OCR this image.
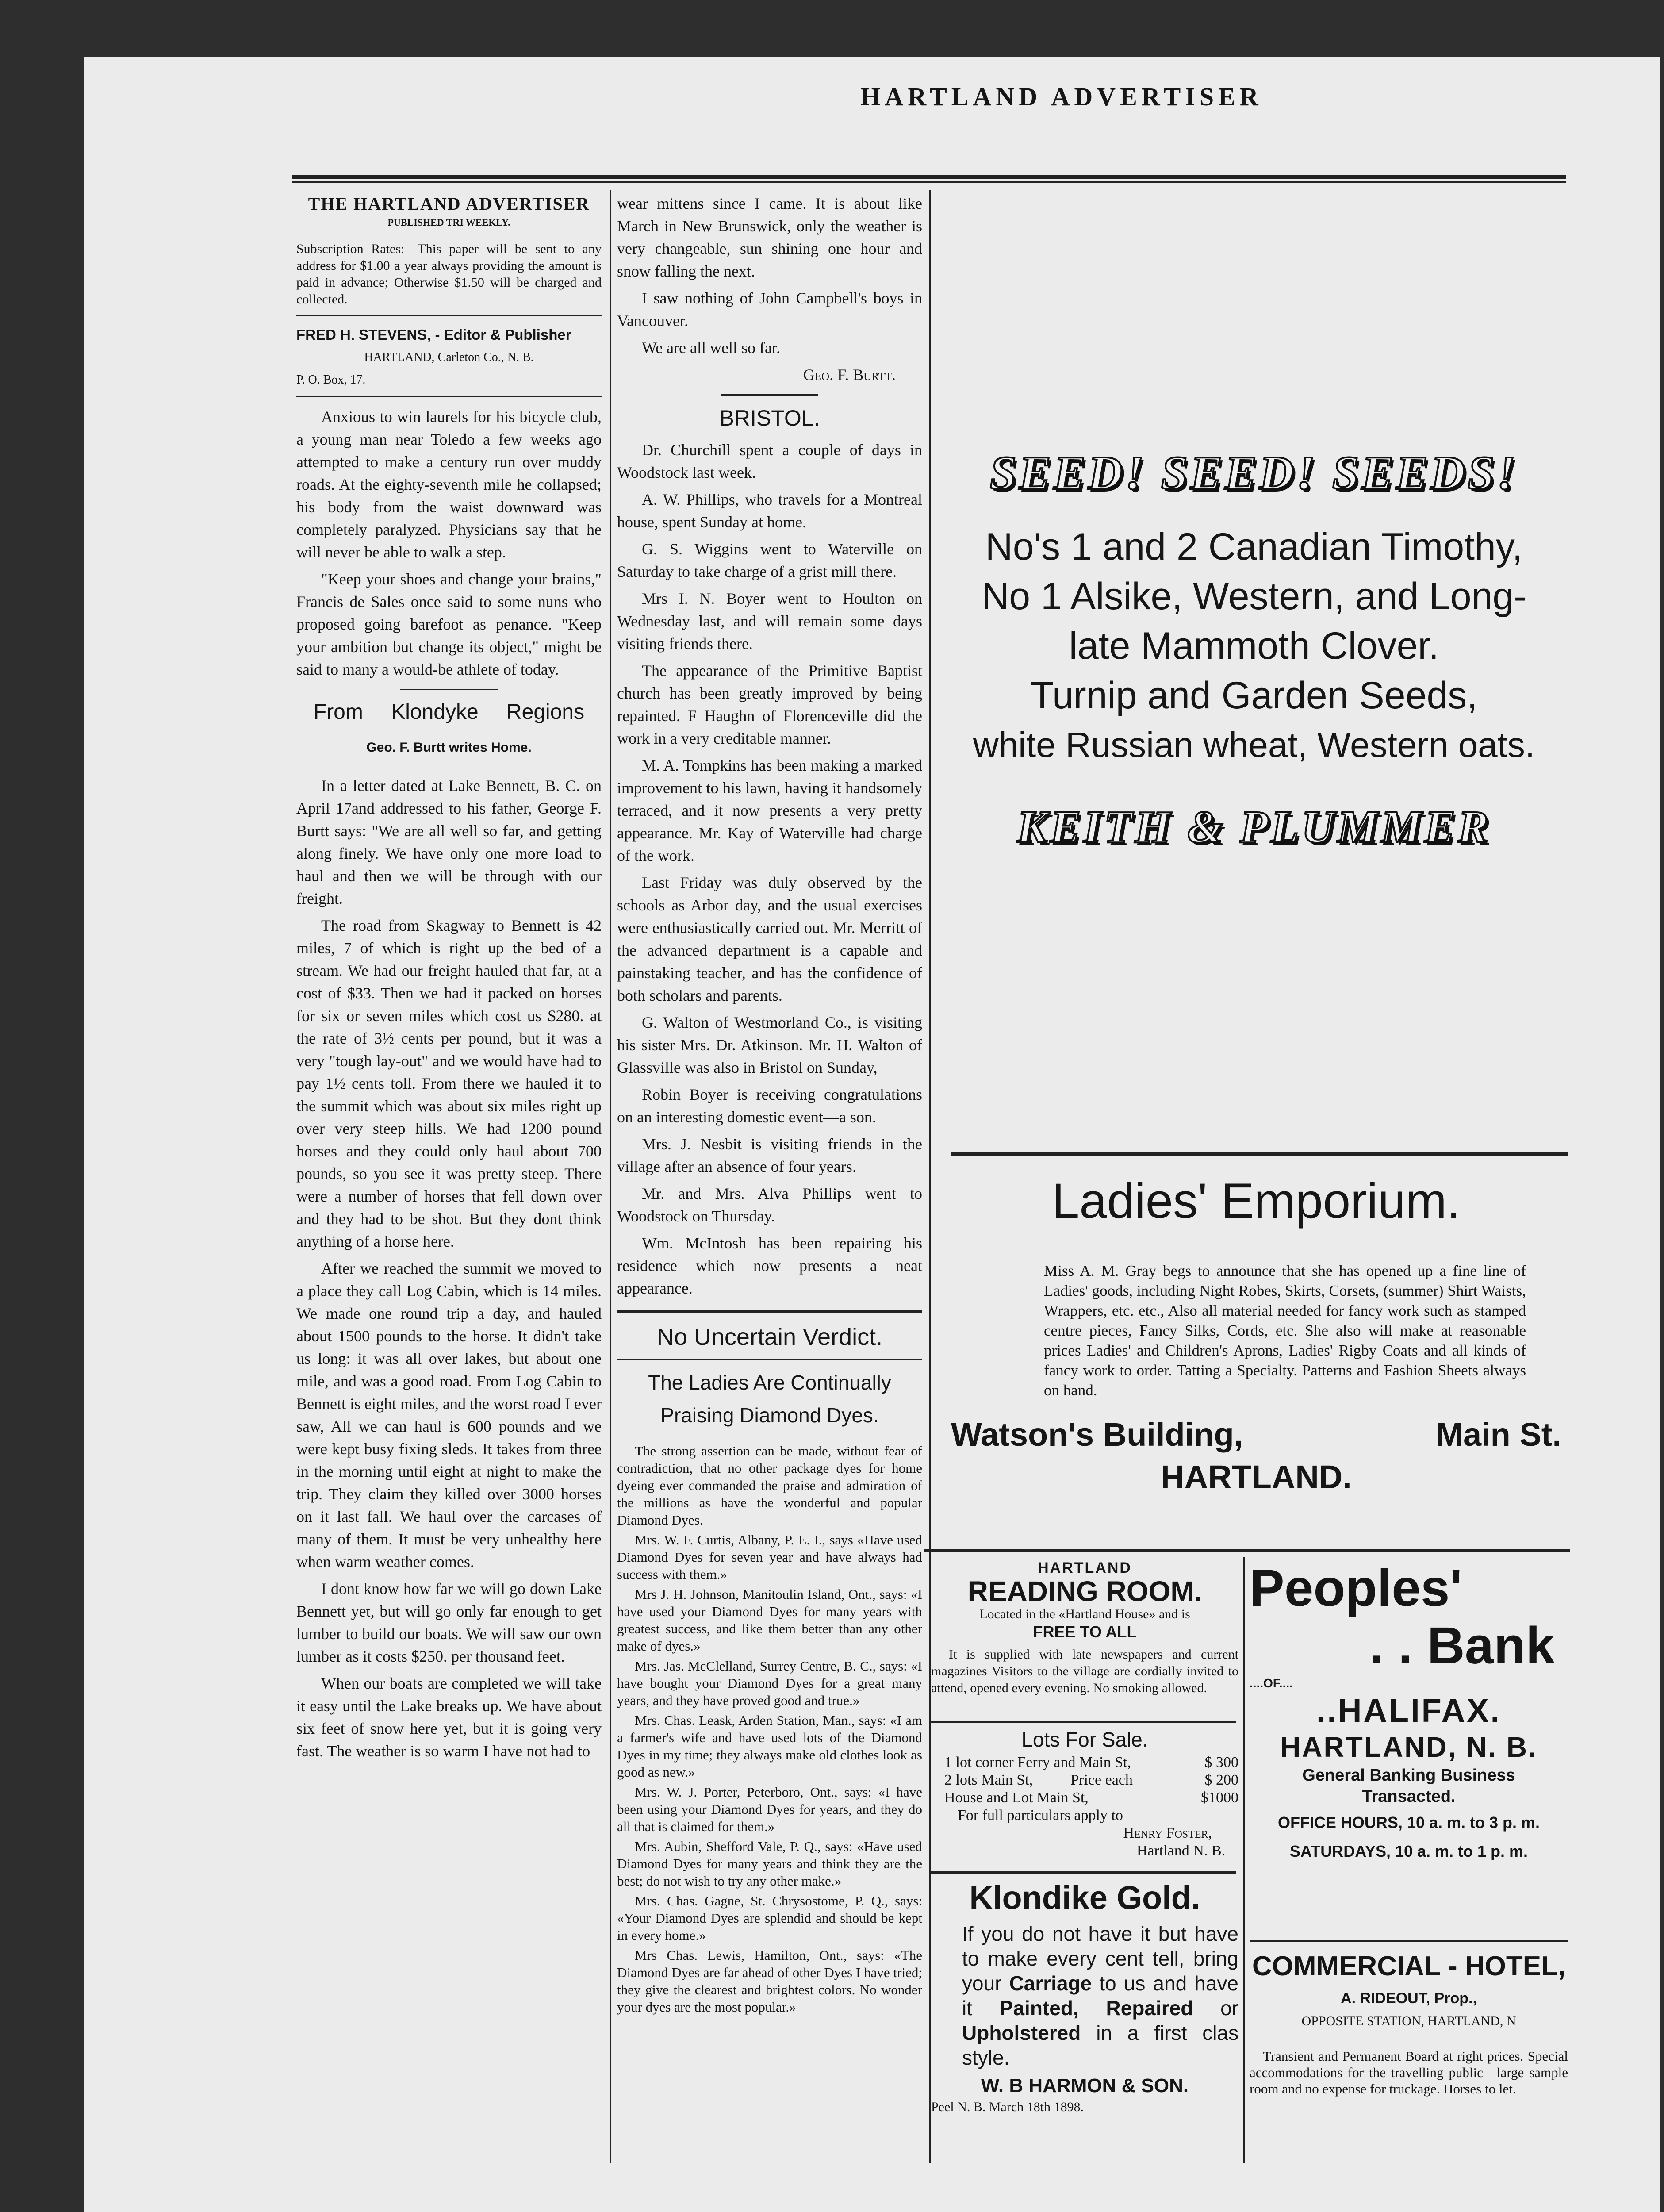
HARTLAND ADVERTISER
THE HARTLAND ADVERTISER
PUBLISHED TRI WEEKLY.

Subscription Rates:—This paper will be sent to any address for $1.00 a year always providing the amount is paid in advance; Otherwise $1.50 will be charged and collected.

FRED H. STEVENS, - Editor & Publisher
HARTLAND, Carleton Co., N. B.
P. O. Box, 17.

Anxious to win laurels for his bicycle club, a young man near Toledo a few weeks ago attempted to make a century run over muddy roads. At the eighty-seventh mile he collapsed; his body from the waist downward was completely paralyzed. Physicians say that he will never be able to walk a step.

"Keep your shoes and change your brains," Francis de Sales once said to some nuns who proposed going barefoot as penance. "Keep your ambition but change its object," might be said to many a would-be athlete of today.

From Klondyke Regions
Geo. F. Burtt writes Home.

In a letter dated at Lake Bennett, B. C. on April 17and addressed to his father, George F. Burtt says: "We are all well so far, and getting along finely. We have only one more load to haul and then we will be through with our freight.

The road from Skagway to Bennett is 42 miles, 7 of which is right up the bed of a stream. We had our freight hauled that far, at a cost of $33. Then we had it packed on horses for six or seven miles which cost us $280. at the rate of 3½ cents per pound, but it was a very "tough lay-out" and we would have had to pay 1½ cents toll. From there we hauled it to the summit which was about six miles right up over very steep hills. We had 1200 pound horses and they could only haul about 700 pounds, so you see it was pretty steep. There were a number of horses that fell down over and they had to be shot. But they dont think anything of a horse here.

After we reached the summit we moved to a place they call Log Cabin, which is 14 miles. We made one round trip a day, and hauled about 1500 pounds to the horse. It didn't take us long: it was all over lakes, but about one mile, and was a good road. From Log Cabin to Bennett is eight miles, and the worst road I ever saw, All we can haul is 600 pounds and we were kept busy fixing sleds. It takes from three in the morning until eight at night to make the trip. They claim they killed over 3000 horses on it last fall. We haul over the carcases of many of them. It must be very unhealthy here when warm weather comes.

I dont know how far we will go down Lake Bennett yet, but will go only far enough to get lumber to build our boats. We will saw our own lumber as it costs $250. per thousand feet.

When our boats are completed we will take it easy until the Lake breaks up. We have about six feet of snow here yet, but it is going very fast. The weather is so warm I have not had to

wear mittens since I came. It is about like March in New Brunswick, only the weather is very changeable, sun shining one hour and snow falling the next.

I saw nothing of John Campbell's boys in Vancouver.

We are all well so far.

Geo. F. Burtt.
BRISTOL.

Dr. Churchill spent a couple of days in Woodstock last week.

A. W. Phillips, who travels for a Montreal house, spent Sunday at home.

G. S. Wiggins went to Waterville on Saturday to take charge of a grist mill there.

Mrs I. N. Boyer went to Houlton on Wednesday last, and will remain some days visiting friends there.

The appearance of the Primitive Baptist church has been greatly improved by being repainted. F Haughn of Florenceville did the work in a very creditable manner.

M. A. Tompkins has been making a marked improvement to his lawn, having it handsomely terraced, and it now presents a very pretty appearance. Mr. Kay of Waterville had charge of the work.

Last Friday was duly observed by the schools as Arbor day, and the usual exercises were enthusiastically carried out. Mr. Merritt of the advanced department is a capable and painstaking teacher, and has the confidence of both scholars and parents.

G. Walton of Westmorland Co., is visiting his sister Mrs. Dr. Atkinson. Mr. H. Walton of Glassville was also in Bristol on Sunday,

Robin Boyer is receiving congratulations on an interesting domestic event—a son.

Mrs. J. Nesbit is visiting friends in the village after an absence of four years.

Mr. and Mrs. Alva Phillips went to Woodstock on Thursday.

Wm. McIntosh has been repairing his residence which now presents a neat appearance.

No Uncertain Verdict.
The Ladies Are Continually Praising Diamond Dyes.

The strong assertion can be made, without fear of contradiction, that no other package dyes for home dyeing ever commanded the praise and admiration of the millions as have the wonderful and popular Diamond Dyes.

Mrs. W. F. Curtis, Albany, P. E. I., says «Have used Diamond Dyes for seven year and have always had success with them.»

Mrs J. H. Johnson, Manitoulin Island, Ont., says: «I have used your Diamond Dyes for many years with greatest success, and like them better than any other make of dyes.»

Mrs. Jas. McClelland, Surrey Centre, B. C., says: «I have bought your Diamond Dyes for a great many years, and they have proved good and true.»

Mrs. Chas. Leask, Arden Station, Man., says: «I am a farmer's wife and have used lots of the Diamond Dyes in my time; they always make old clothes look as good as new.»

Mrs. W. J. Porter, Peterboro, Ont., says: «I have been using your Diamond Dyes for years, and they do all that is claimed for them.»

Mrs. Aubin, Shefford Vale, P. Q., says: «Have used Diamond Dyes for many years and think they are the best; do not wish to try any other make.»

Mrs. Chas. Gagne, St. Chrysostome, P. Q., says: «Your Diamond Dyes are splendid and should be kept in every home.»

Mrs Chas. Lewis, Hamilton, Ont., says: «The Diamond Dyes are far ahead of other Dyes I have tried; they give the clearest and brightest colors. No wonder your dyes are the most popular.»

SEED! SEED! SEEDS!
No's 1 and 2 Canadian Timothy,
No 1 Alsike, Western, and Long-
late Mammoth Clover.
Turnip and Garden Seeds,
white Russian wheat, Western oats.
KEITH & PLUMMER
Ladies' Emporium.

Miss A. M. Gray begs to announce that she has opened up a fine line of Ladies' goods, including Night Robes, Skirts, Corsets, (summer) Shirt Waists, Wrappers, etc. etc., Also all material needed for fancy work such as stamped centre pieces, Fancy Silks, Cords, etc. She also will make at reasonable prices Ladies' and Children's Aprons, Ladies' Rigby Coats and all kinds of fancy work to order. Tatting a Specialty. Patterns and Fashion Sheets always on hand.

Watson's Building,	Main St.
HARTLAND.
HARTLAND
READING ROOM.
Located in the «Hartland House» and is
FREE TO ALL

It is supplied with late newspapers and current magazines Visitors to the village are cordially invited to attend, opened every evening. No smoking allowed.

Lots For Sale.
1 lot corner Ferry and Main St,	$ 300
2 lots Main St,          Price each	$ 200
House and Lot Main St,	$1000
For full particulars apply to
Henry Foster,
Hartland N. B.
Klondike Gold.
If you do not have it but have to make every cent tell, bring your Carriage to us and have it Painted, Repaired or Upholstered in a first clas style.
W. B HARMON & SON.
Peel N. B. March 18th 1898.
Peoples'
. . Bank
....OF....
..HALIFAX.
HARTLAND, N. B.
General Banking Business
Transacted.
OFFICE HOURS, 10 a. m. to 3 p. m.
SATURDAYS, 10 a. m. to 1 p. m.
COMMERCIAL - HOTEL,
A. RIDEOUT, Prop.,
OPPOSITE STATION, HARTLAND, N

Transient and Permanent Board at right prices. Special accommodations for the travelling public—large sample room and no expense for truckage. Horses to let.
